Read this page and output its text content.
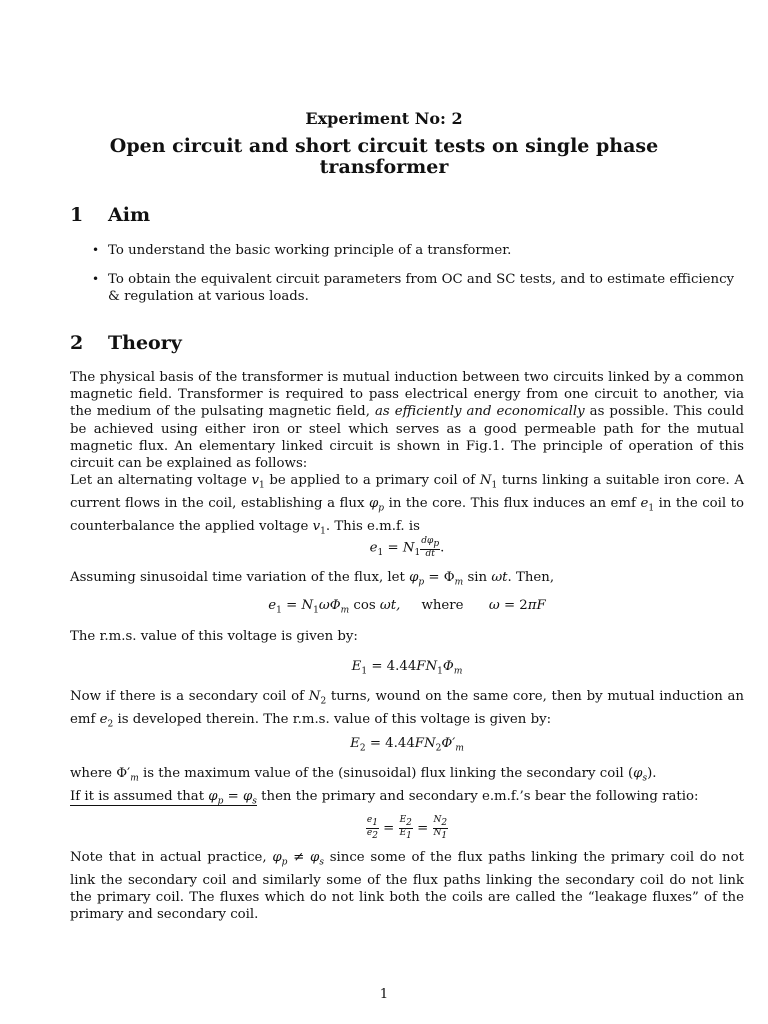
Experiment No: 2
Open circuit and short circuit tests on single phase transformer
1 Aim
• To understand the basic working principle of a transformer.
• To obtain the equivalent circuit parameters from OC and SC tests, and to estimate efficiency & regulation at various loads.
2 Theory
The physical basis of the transformer is mutual induction between two circuits linked by a common magnetic field. Transformer is required to pass electrical energy from one circuit to another, via the medium of the pulsating magnetic field, as efficiently and economically as possible. This could be achieved using either iron or steel which serves as a good permeable path for the mutual magnetic flux. An elementary linked circuit is shown in Fig.1. The principle of operation of this circuit can be explained as follows:
Let an alternating voltage $v_1$ be applied to a primary coil of $N_1$ turns linking a suitable iron core. A current flows in the coil, establishing a flux $\varphi_p$ in the core. This flux induces an emf $e_1$ in the coil to counterbalance the applied voltage $v_1$. This e.m.f. is
$e_1 = N_1 \frac{d\varphi_p}{dt}$ .
Assuming sinusoidal time variation of the flux, let $\varphi_p = \Phi_m$ sin ωt. Then,
$e_1 = N_1\omega\Phi_m$ cos ωt,     where      ω = 2πF
The r.m.s. value of this voltage is given by:
$E_1 = 4.44FN_1\Phi_m$
Now if there is a secondary coil of $N_2$ turns, wound on the same core, then by mutual induction an emf $e_2$ is developed therein. The r.m.s. value of this voltage is given by:
$E_2 = 4.44FN_2\Phi'_m$
where $\Phi'_m$ is the maximum value of the (sinusoidal) flux linking the secondary coil $(\varphi_s)$.
If it is assumed that $\varphi_p = \varphi_s$ then the primary and secondary e.m.f.’s bear the following ratio:
$\frac{e_1}{e_2} = \frac{E_2}{E_1} = \frac{N_2}{N_1}$
Note that in actual practice, $\varphi_p \ne \varphi_s$ since some of the flux paths linking the primary coil do not link the secondary coil and similarly some of the flux paths linking the secondary coil do not link the primary coil. The fluxes which do not link both the coils are called the “leakage fluxes” of the primary and secondary coil.
1
